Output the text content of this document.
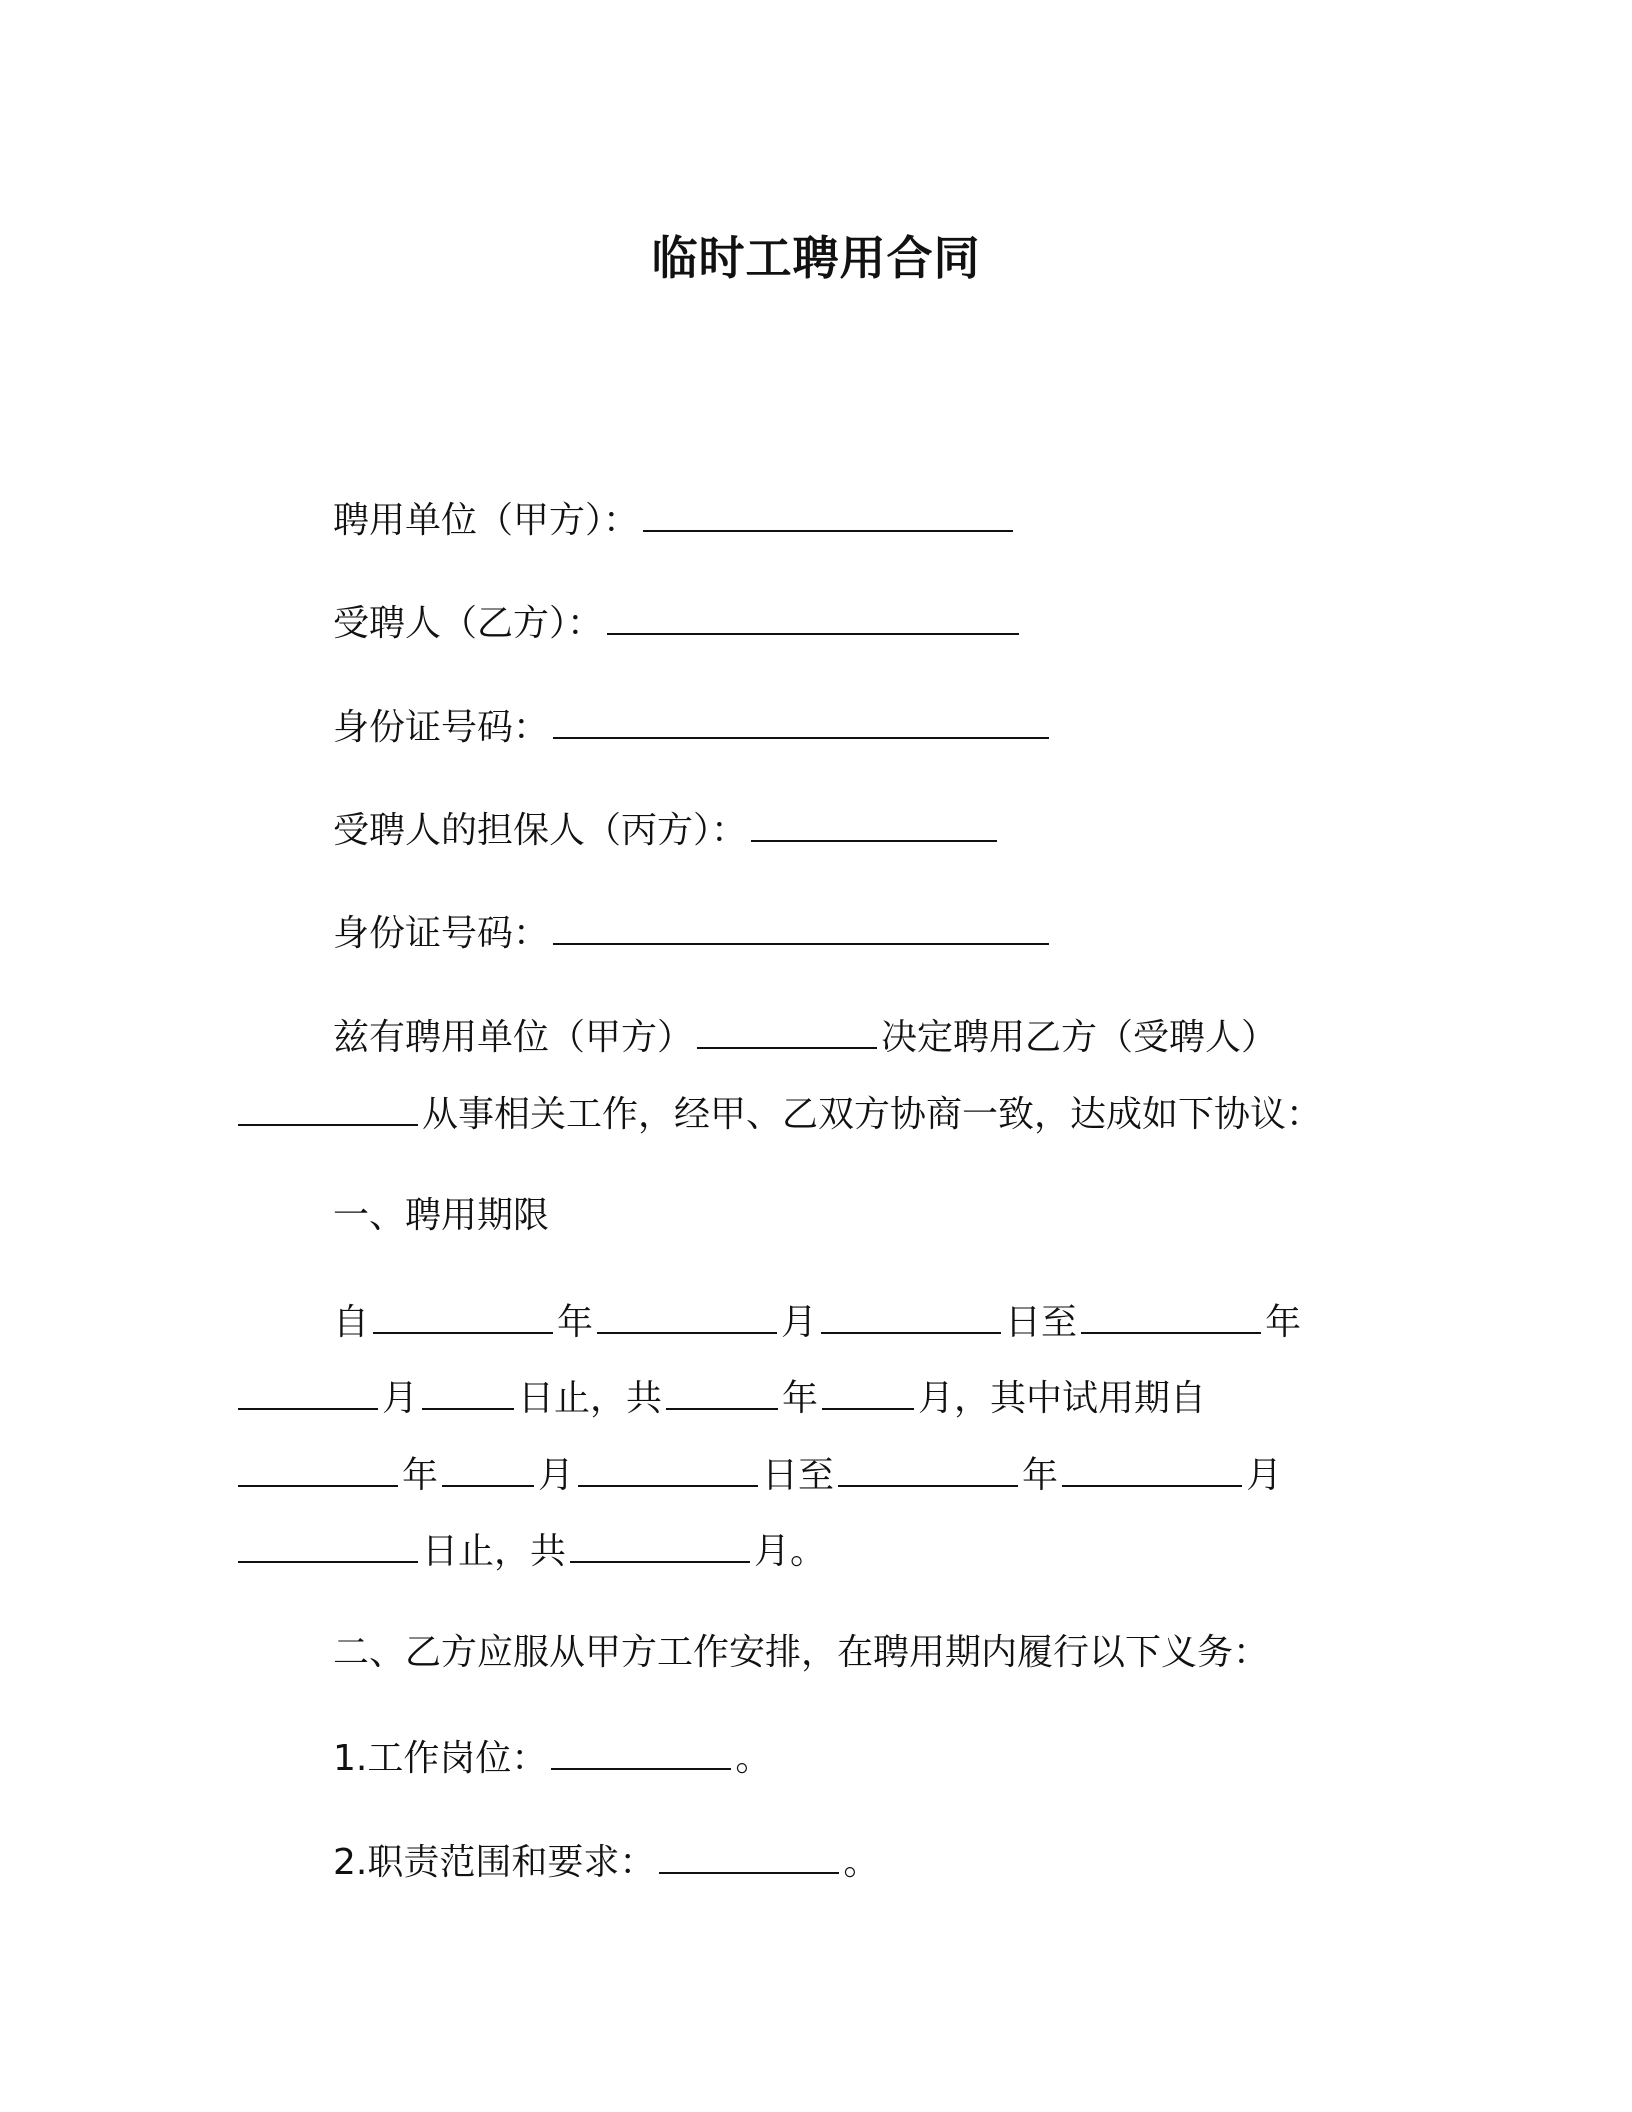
临时工聘用合同
聘用单位（甲方）：
受聘人（乙方）：
身份证号码：
受聘人的担保人（丙方）：
身份证号码：
兹有聘用单位（甲方）	决定聘用乙方（受聘人）
从事相关工作，经甲、乙双方协商一致，达成如下协议：
一、聘用期限
自	年	月	日至	年
月	日止，共	年	月，其中试用期自
年	月	日至	年	月
日止，共	月。
二、乙方应服从甲方工作安排，在聘用期内履行以下义务：
1.工作岗位：	。
2.职责范围和要求：	。
